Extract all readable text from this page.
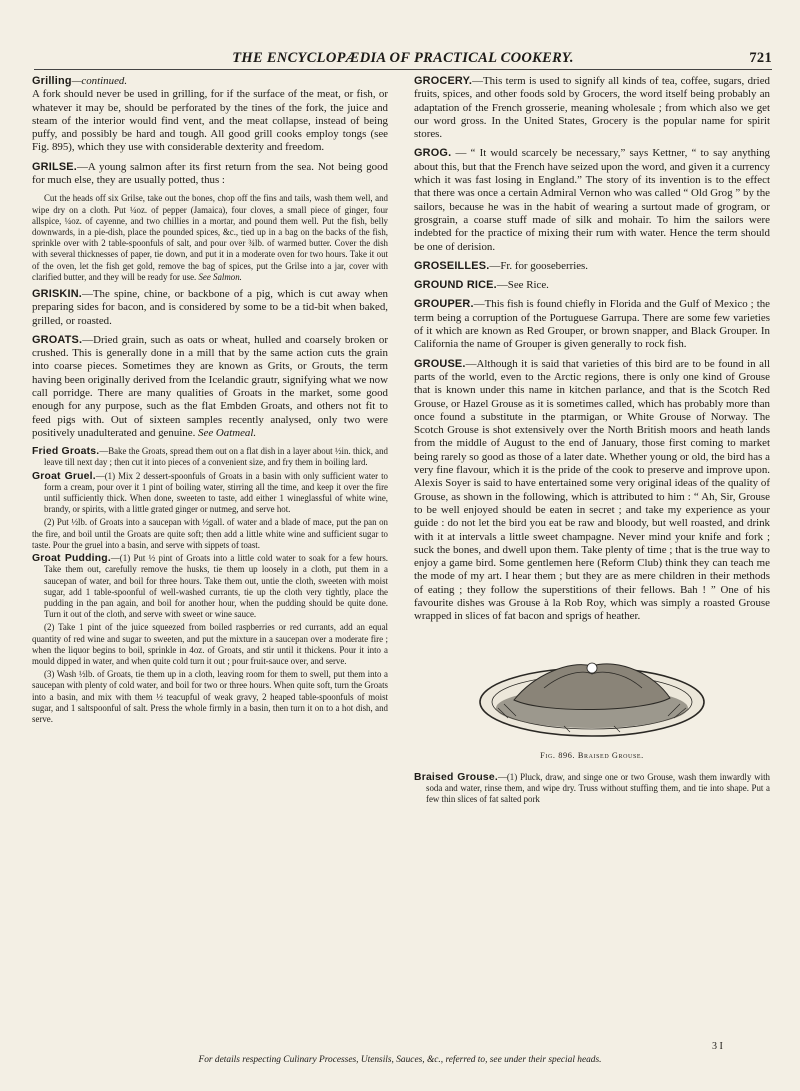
THE ENCYCLOPÆDIA OF PRACTICAL COOKERY.	721

Grilling—continued.
A fork should never be used in grilling, for if the surface of the meat, or fish, or whatever it may be, should be perforated by the tines of the fork, the juice and steam of the interior would find vent, and the meat collapse, instead of being puffy, and possibly be hard and tough. All good grill cooks employ tongs (see Fig. 895), which they use with considerable dexterity and freedom.

GRILSE.—A young salmon after its first return from the sea. Not being good for much else, they are usually potted, thus :

Cut the heads off six Grilse, take out the bones, chop off the fins and tails, wash them well, and wipe dry on a cloth. Put ¼oz. of pepper (Jamaica), four cloves, a small piece of ginger, four allspice, ¼oz. of cayenne, and two chillies in a mortar, and pound them well. Put the fish, belly downwards, in a pie-dish, place the pounded spices, &c., tied up in a bag on the backs of the fish, sprinkle over with 2 table-spoonfuls of salt, and pour over ¾lb. of warmed butter. Cover the dish with several thicknesses of paper, tie down, and put it in a moderate oven for two hours. Take it out of the oven, let the fish get gold, remove the bag of spices, put the Grilse into a jar, cover with clarified butter, and they will be ready for use. See Salmon.

GRISKIN.—The spine, chine, or backbone of a pig, which is cut away when preparing sides for bacon, and is considered by some to be a tid-bit when baked, grilled, or roasted.

GROATS.—Dried grain, such as oats or wheat, hulled and coarsely broken or crushed. This is generally done in a mill that by the same action cuts the grain into coarse pieces. Sometimes they are known as Grits, or Grouts, the term having been originally derived from the Icelandic grautr, signifying what we now call porridge. There are many qualities of Groats in the market, some good enough for any purpose, such as the flat Embden Groats, and others not fit to feed pigs with. Out of sixteen samples recently analysed, only two were positively unadulterated and genuine. See Oatmeal.

Fried Groats.—Bake the Groats, spread them out on a flat dish in a layer about ½in. thick, and leave till next day ; then cut it into pieces of a convenient size, and fry them in boiling lard.

Groat Gruel.—(1) Mix 2 dessert-spoonfuls of Groats in a basin with only sufficient water to form a cream, pour over it 1 pint of boiling water, stirring all the time, and keep it over the fire until sufficiently thick. When done, sweeten to taste, add either 1 wineglassful of white wine, brandy, or spirits, with a little grated ginger or nutmeg, and serve hot.

(2) Put ½lb. of Groats into a saucepan with ½gall. of water and a blade of mace, put the pan on the fire, and boil until the Groats are quite soft; then add a little white wine and sufficient sugar to taste. Pour the gruel into a basin, and serve with sippets of toast.

Groat Pudding.—(1) Put ½ pint of Groats into a little cold water to soak for a few hours. Take them out, carefully remove the husks, tie them up loosely in a cloth, put them in a saucepan of water, and boil for three hours. Take them out, untie the cloth, sweeten with moist sugar, add 1 table-spoonful of well-washed currants, tie up the cloth very tightly, place the pudding in the pan again, and boil for another hour, when the pudding should be quite done. Turn it out of the cloth, and serve with sweet or wine sauce.

(2) Take 1 pint of the juice squeezed from boiled raspberries or red currants, add an equal quantity of red wine and sugar to sweeten, and put the mixture in a saucepan over a moderate fire ; when the liquor begins to boil, sprinkle in 4oz. of Groats, and stir until it thickens. Pour it into a mould dipped in water, and when quite cold turn it out ; pour fruit-sauce over, and serve.

(3) Wash ½lb. of Groats, tie them up in a cloth, leaving room for them to swell, put them into a saucepan with plenty of cold water, and boil for two or three hours. When quite soft, turn the Groats into a basin, and mix with them ½ teacupful of weak gravy, 2 heaped table-spoonfuls of moist sugar, and 1 saltspoonful of salt. Press the whole firmly in a basin, then turn it on to a hot dish, and serve.

GROCERY.—This term is used to signify all kinds of tea, coffee, sugars, dried fruits, spices, and other foods sold by Grocers, the word itself being probably an adaptation of the French grosserie, meaning wholesale ; from which also we get our word gross. In the United States, Grocery is the popular name for spirit stores.

GROG. — “ It would scarcely be necessary,” says Kettner, “ to say anything about this, but that the French have seized upon the word, and given it a currency which it was fast losing in England.” The story of its invention is to the effect that there was once a certain Admiral Vernon who was called “ Old Grog ” by the sailors, because he was in the habit of wearing a surtout made of grogram, or grosgrain, a coarse stuff made of silk and mohair. To him the sailors were indebted for the practice of mixing their rum with water. Hence the term should be one of derision.

GROSEILLES.—Fr. for gooseberries.

GROUND RICE.—See Rice.

GROUPER.—This fish is found chiefly in Florida and the Gulf of Mexico ; the term being a corruption of the Portuguese Garrupa. There are some few varieties of it which are known as Red Grouper, or brown snapper, and Black Grouper. In California the name of Grouper is given generally to rock fish.

GROUSE.—Although it is said that varieties of this bird are to be found in all parts of the world, even to the Arctic regions, there is only one kind of Grouse that is known under this name in kitchen parlance, and that is the Scotch Red Grouse, or Hazel Grouse as it is sometimes called, which has probably more than once found a substitute in the ptarmigan, or White Grouse of Norway. The Scotch Grouse is shot extensively over the North British moors and heath lands from the middle of August to the end of January, those first coming to market being rarely so good as those of a later date. Whether young or old, the bird has a very fine flavour, which it is the pride of the cook to preserve and improve upon. Alexis Soyer is said to have entertained some very original ideas of the quality of Grouse, as shown in the following, which is attributed to him : “ Ah, Sir, Grouse to be well enjoyed should be eaten in secret ; and take my experience as your guide : do not let the bird you eat be raw and bloody, but well roasted, and drink with it at intervals a little sweet champagne. Never mind your knife and fork ; suck the bones, and dwell upon them. Take plenty of time ; that is the true way to enjoy a game bird. Some gentlemen here (Reform Club) think they can teach me the mode of my art. I hear them ; but they are as mere children in their methods of eating ; they follow the superstitions of their fellows. Bah ! ” One of his favourite dishes was Grouse à la Rob Roy, which was simply a roasted Grouse wrapped in slices of fat bacon and sprigs of heather.

Fig. 896. Braised Grouse.

Braised Grouse.—(1) Pluck, draw, and singe one or two Grouse, wash them inwardly with soda and water, rinse them, and wipe dry. Truss without stuffing them, and tie into shape. Put a few thin slices of fat salted pork

3 I
For details respecting Culinary Processes, Utensils, Sauces, &c., referred to, see under their special heads.
